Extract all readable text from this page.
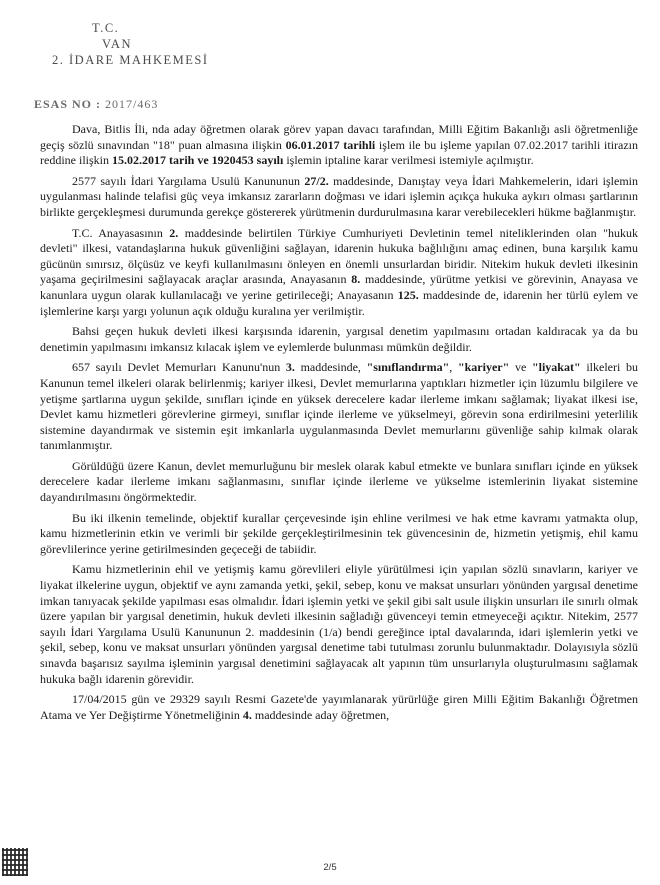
T.C.
VAN
2. İDARE MAHKEMESİ
ESAS NO : 2017/463

Dava, Bitlis İli, nda aday öğretmen olarak görev yapan davacı tarafından, Milli Eğitim Bakanlığı asli öğretmenliğe geçiş sözlü sınavından "18" puan almasına ilişkin 06.01.2017 tarihli işlem ile bu işleme yapılan 07.02.2017 tarihli itirazın reddine ilişkin 15.02.2017 tarih ve 1920453 sayılı işlemin iptaline karar verilmesi istemiyle açılmıştır.

2577 sayılı İdari Yargılama Usulü Kanununun 27/2. maddesinde, Danıştay veya İdari Mahkemelerin, idari işlemin uygulanması halinde telafisi güç veya imkansız zararların doğması ve idari işlemin açıkça hukuka aykırı olması şartlarının birlikte gerçekleşmesi durumunda gerekçe göstererek yürütmenin durdurulmasına karar verebilecekleri hükme bağlanmıştır.

T.C. Anayasasının 2. maddesinde belirtilen Türkiye Cumhuriyeti Devletinin temel niteliklerinden olan "hukuk devleti" ilkesi, vatandaşlarına hukuk güvenliğini sağlayan, idarenin hukuka bağlılığını amaç edinen, buna karşılık kamu gücünün sınırsız, ölçüsüz ve keyfi kullanılmasını önleyen en önemli unsurlardan biridir. Nitekim hukuk devleti ilkesinin yaşama geçirilmesini sağlayacak araçlar arasında, Anayasanın 8. maddesinde, yürütme yetkisi ve görevinin, Anayasa ve kanunlara uygun olarak kullanılacağı ve yerine getirileceği; Anayasanın 125. maddesinde de, idarenin her türlü eylem ve işlemlerine karşı yargı yolunun açık olduğu kuralına yer verilmiştir.

Bahsi geçen hukuk devleti ilkesi karşısında idarenin, yargısal denetim yapılmasını ortadan kaldıracak ya da bu denetimin yapılmasını imkansız kılacak işlem ve eylemlerde bulunması mümkün değildir.

657 sayılı Devlet Memurları Kanunu'nun 3. maddesinde, "sınıflandırma", "kariyer" ve "liyakat" ilkeleri bu Kanunun temel ilkeleri olarak belirlenmiş; kariyer ilkesi, Devlet memurlarına yaptıkları hizmetler için lüzumlu bilgilere ve yetişme şartlarına uygun şekilde, sınıfları içinde en yüksek derecelere kadar ilerleme imkanı sağlamak; liyakat ilkesi ise, Devlet kamu hizmetleri görevlerine girmeyi, sınıflar içinde ilerleme ve yükselmeyi, görevin sona erdirilmesini yeterlilik sistemine dayandırmak ve sistemin eşit imkanlarla uygulanmasında Devlet memurlarını güvenliğe sahip kılmak olarak tanımlanmıştır.

Görüldüğü üzere Kanun, devlet memurluğunu bir meslek olarak kabul etmekte ve bunlara sınıfları içinde en yüksek derecelere kadar ilerleme imkanı sağlanmasını, sınıflar içinde ilerleme ve yükselme istemlerinin liyakat sistemine dayandırılmasını öngörmektedir.

Bu iki ilkenin temelinde, objektif kurallar çerçevesinde işin ehline verilmesi ve hak etme kavramı yatmakta olup, kamu hizmetlerinin etkin ve verimli bir şekilde gerçekleştirilmesinin tek güvencesinin de, hizmetin yetişmiş, ehil kamu görevlilerince yerine getirilmesinden geçeceği de tabiidir.

Kamu hizmetlerinin ehil ve yetişmiş kamu görevlileri eliyle yürütülmesi için yapılan sözlü sınavların, kariyer ve liyakat ilkelerine uygun, objektif ve aynı zamanda yetki, şekil, sebep, konu ve maksat unsurları yönünden yargısal denetime imkan tanıyacak şekilde yapılması esas olmalıdır. İdari işlemin yetki ve şekil gibi salt usule ilişkin unsurları ile sınırlı olmak üzere yapılan bir yargısal denetimin, hukuk devleti ilkesinin sağladığı güvenceyi temin etmeyeceği açıktır. Nitekim, 2577 sayılı İdari Yargılama Usulü Kanununun 2. maddesinin (1/a) bendi gereğince iptal davalarında, idari işlemlerin yetki ve şekil, sebep, konu ve maksat unsurları yönünden yargısal denetime tabi tutulması zorunlu bulunmaktadır. Dolayısıyla sözlü sınavda başarısız sayılma işleminin yargısal denetimini sağlayacak alt yapının tüm unsurlarıyla oluşturulmasını sağlamak hukuka bağlı idarenin görevidir.

17/04/2015 gün ve 29329 sayılı Resmi Gazete'de yayımlanarak yürürlüğe giren Milli Eğitim Bakanlığı Öğretmen Atama ve Yer Değiştirme Yönetmeliğinin 4. maddesinde aday öğretmen,

2/5
